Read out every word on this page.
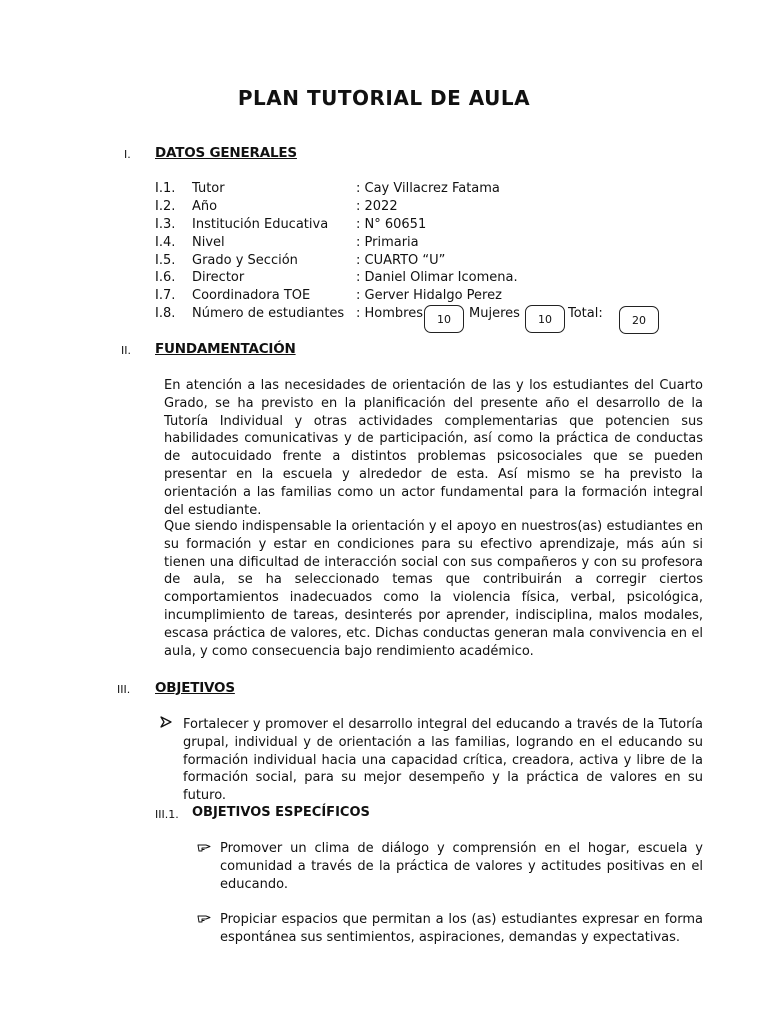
PLAN TUTORIAL DE AULA
I. DATOS GENERALES
I.1. Tutor	: Cay Villacrez Fatama
I.2. Año	: 2022
I.3. Institución Educativa : N° 60651
I.4. Nivel	: Primaria
I.5. Grado y Sección	: CUARTO “U”
I.6. Director	: Daniel Olimar Icomena.
I.7. Coordinadora TOE	: Gerver Hidalgo Perez
I.8. Número de estudiantes : Hombres	Mujeres	Total:
10	10	20
II. FUNDAMENTACIÓN
En atención a las necesidades de orientación de las y los estudiantes del Cuarto Grado, se ha previsto en la planificación del presente año el desarrollo de la Tutoría Individual y otras actividades complementarias que potencien sus habilidades comunicativas y de participación, así como la práctica de conductas de autocuidado frente a distintos problemas psicosociales que se pueden presentar en la escuela y alrededor de esta. Así mismo se ha previsto la orientación a las familias como un actor fundamental para la formación integral del estudiante.
Que siendo indispensable la orientación y el apoyo en nuestros(as) estudiantes en su formación y estar en condiciones para su efectivo aprendizaje, más aún si tienen una dificultad de interacción social con sus compañeros y con su profesora de aula, se ha seleccionado temas que contribuirán a corregir ciertos comportamientos inadecuados como la violencia física, verbal, psicológica, incumplimiento de tareas, desinterés por aprender, indisciplina, malos modales, escasa práctica de valores, etc. Dichas conductas generan mala convivencia en el aula, y como consecuencia bajo rendimiento académico.
III. OBJETIVOS
Fortalecer y promover el desarrollo integral del educando a través de la Tutoría grupal, individual y de orientación a las familias, logrando en el educando su formación individual hacia una capacidad crítica, creadora, activa y libre de la formación social, para su mejor desempeño y la práctica de valores en su futuro.
III.1. OBJETIVOS ESPECÍFICOS
Promover un clima de diálogo y comprensión en el hogar, escuela y comunidad a través de la práctica de valores y actitudes positivas en el educando.
Propiciar espacios que permitan a los (as) estudiantes expresar en forma espontánea sus sentimientos, aspiraciones, demandas y expectativas.
